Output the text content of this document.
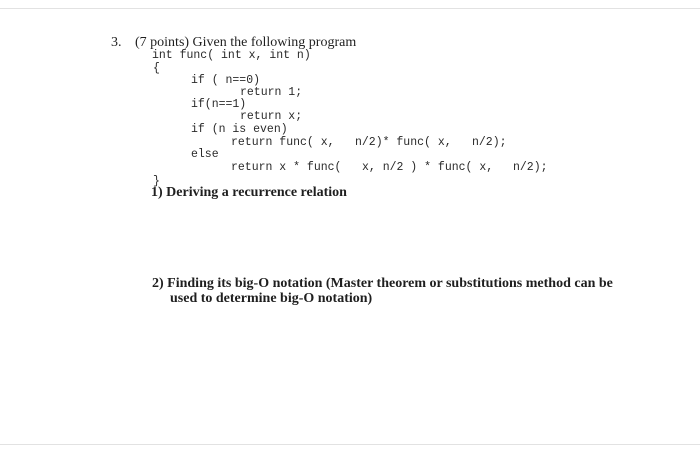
3. (7 points) Given the following program
int func( int x, int n)
{
if ( n==0)
return 1;
if(n==1)
return x;
if (n is even)
return func( x, n/2)* func( x, n/2);
else
return x * func( x, n/2 ) * func( x, n/2);
}
1) Deriving a recurrence relation
2) Finding its big-O notation (Master theorem or substitutions method can be
used to determine big-O notation)
